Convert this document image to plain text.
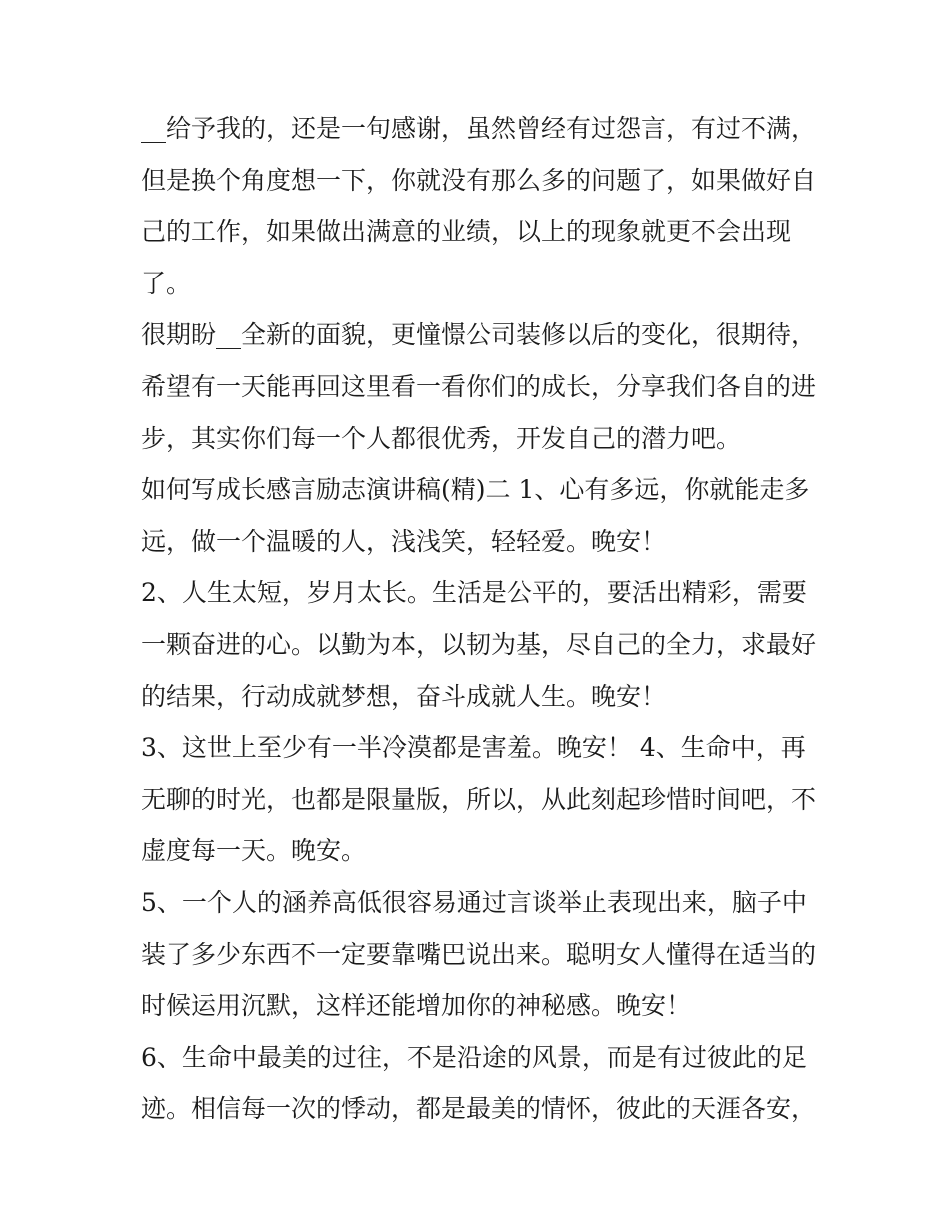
__给予我的，还是一句感谢，虽然曾经有过怨言，有过不满，
但是换个角度想一下，你就没有那么多的问题了，如果做好自
己的工作，如果做出满意的业绩，以上的现象就更不会出现
了。
很期盼__全新的面貌，更憧憬公司装修以后的变化，很期待，
希望有一天能再回这里看一看你们的成长，分享我们各自的进
步，其实你们每一个人都很优秀，开发自己的潜力吧。
如何写成长感言励志演讲稿(精)二 1、心有多远，你就能走多
远，做一个温暖的人，浅浅笑，轻轻爱。晚安！
2、人生太短，岁月太长。生活是公平的，要活出精彩，需要
一颗奋进的心。以勤为本，以韧为基，尽自己的全力，求最好
的结果，行动成就梦想，奋斗成就人生。晚安！
3、这世上至少有一半冷漠都是害羞。晚安！ 4、生命中，再
无聊的时光，也都是限量版，所以，从此刻起珍惜时间吧，不
虚度每一天。晚安。
5、一个人的涵养高低很容易通过言谈举止表现出来，脑子中
装了多少东西不一定要靠嘴巴说出来。聪明女人懂得在适当的
时候运用沉默，这样还能增加你的神秘感。晚安！
6、生命中最美的过往，不是沿途的风景，而是有过彼此的足
迹。相信每一次的悸动，都是最美的情怀，彼此的天涯各安，
